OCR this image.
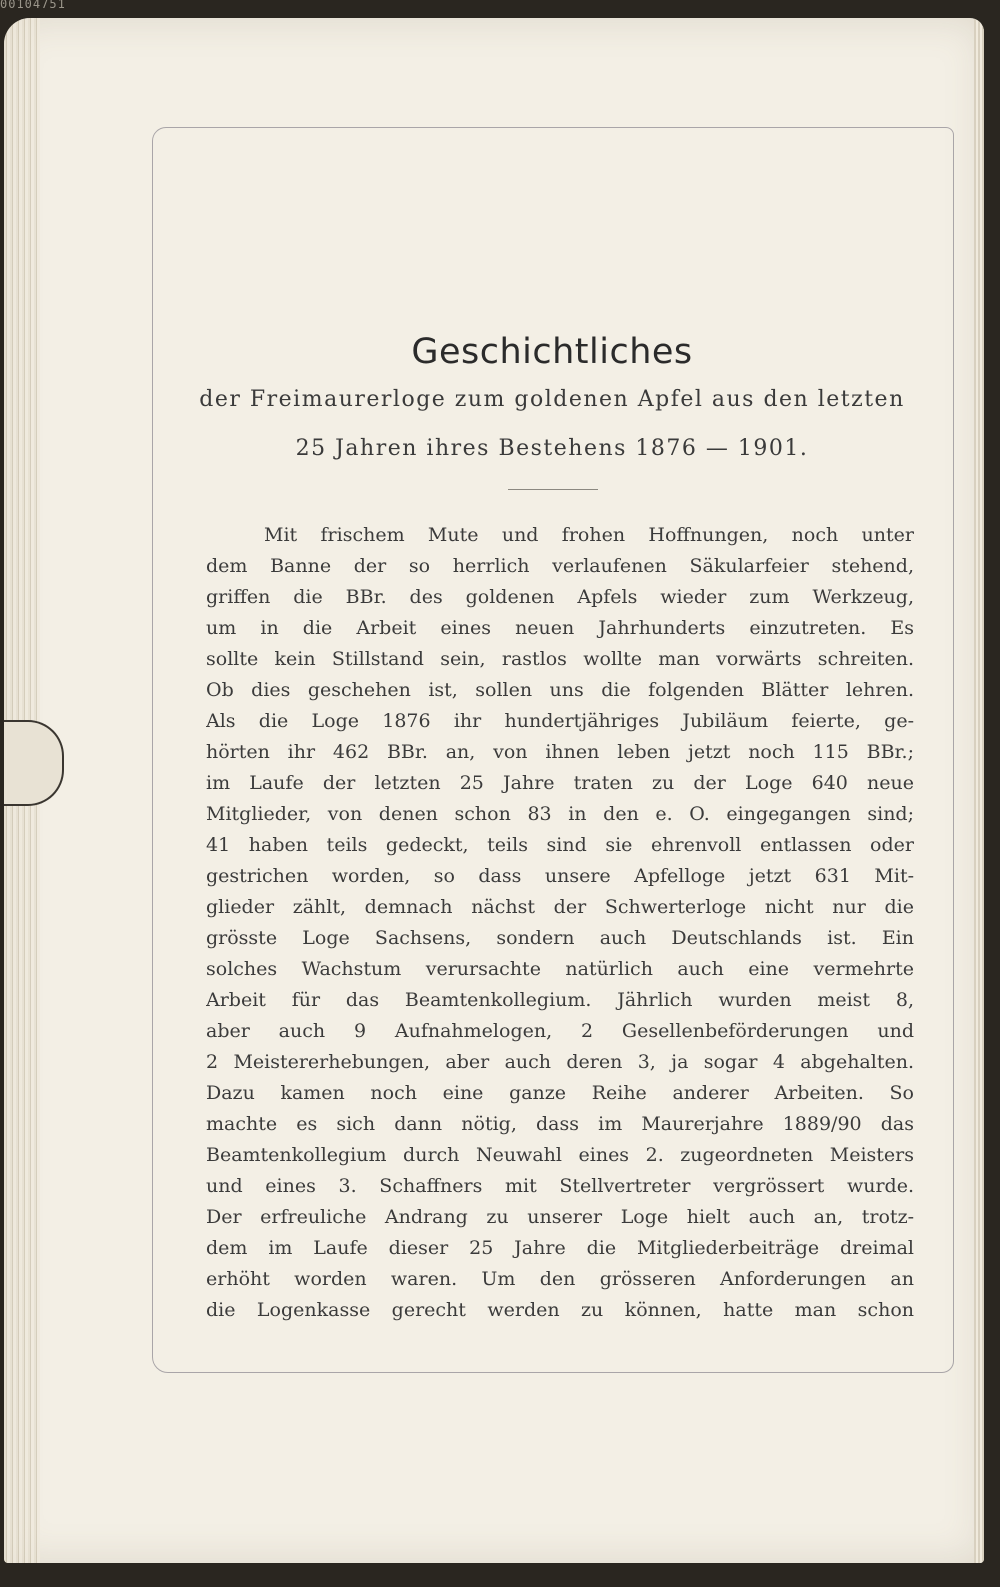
00104751
Geschichtliches
der Freimaurerloge zum goldenen Apfel aus den letzten
25 Jahren ihres Bestehens 1876 — 1901.
Mit frischem Mute und frohen Hoffnungen, noch unter
dem Banne der so herrlich verlaufenen Säkularfeier stehend,
griffen die BBr. des goldenen Apfels wieder zum Werkzeug,
um in die Arbeit eines neuen Jahrhunderts einzutreten. Es
sollte kein Stillstand sein, rastlos wollte man vorwärts schreiten.
Ob dies geschehen ist, sollen uns die folgenden Blätter lehren.
Als die Loge 1876 ihr hundertjähriges Jubiläum feierte, ge-
hörten ihr 462 BBr. an, von ihnen leben jetzt noch 115 BBr.;
im Laufe der letzten 25 Jahre traten zu der Loge 640 neue
Mitglieder, von denen schon 83 in den e. O. eingegangen sind;
41 haben teils gedeckt, teils sind sie ehrenvoll entlassen oder
gestrichen worden, so dass unsere Apfelloge jetzt 631 Mit-
glieder zählt, demnach nächst der Schwerterloge nicht nur die
grösste Loge Sachsens, sondern auch Deutschlands ist. Ein
solches Wachstum verursachte natürlich auch eine vermehrte
Arbeit für das Beamtenkollegium. Jährlich wurden meist 8,
aber auch 9 Aufnahmelogen, 2 Gesellenbeförderungen und
2 Meistererhebungen, aber auch deren 3, ja sogar 4 abgehalten.
Dazu kamen noch eine ganze Reihe anderer Arbeiten. So
machte es sich dann nötig, dass im Maurerjahre 1889/90 das
Beamtenkollegium durch Neuwahl eines 2. zugeordneten Meisters
und eines 3. Schaffners mit Stellvertreter vergrössert wurde.
Der erfreuliche Andrang zu unserer Loge hielt auch an, trotz-
dem im Laufe dieser 25 Jahre die Mitgliederbeiträge dreimal
erhöht worden waren. Um den grösseren Anforderungen an
die Logenkasse gerecht werden zu können, hatte man schon
